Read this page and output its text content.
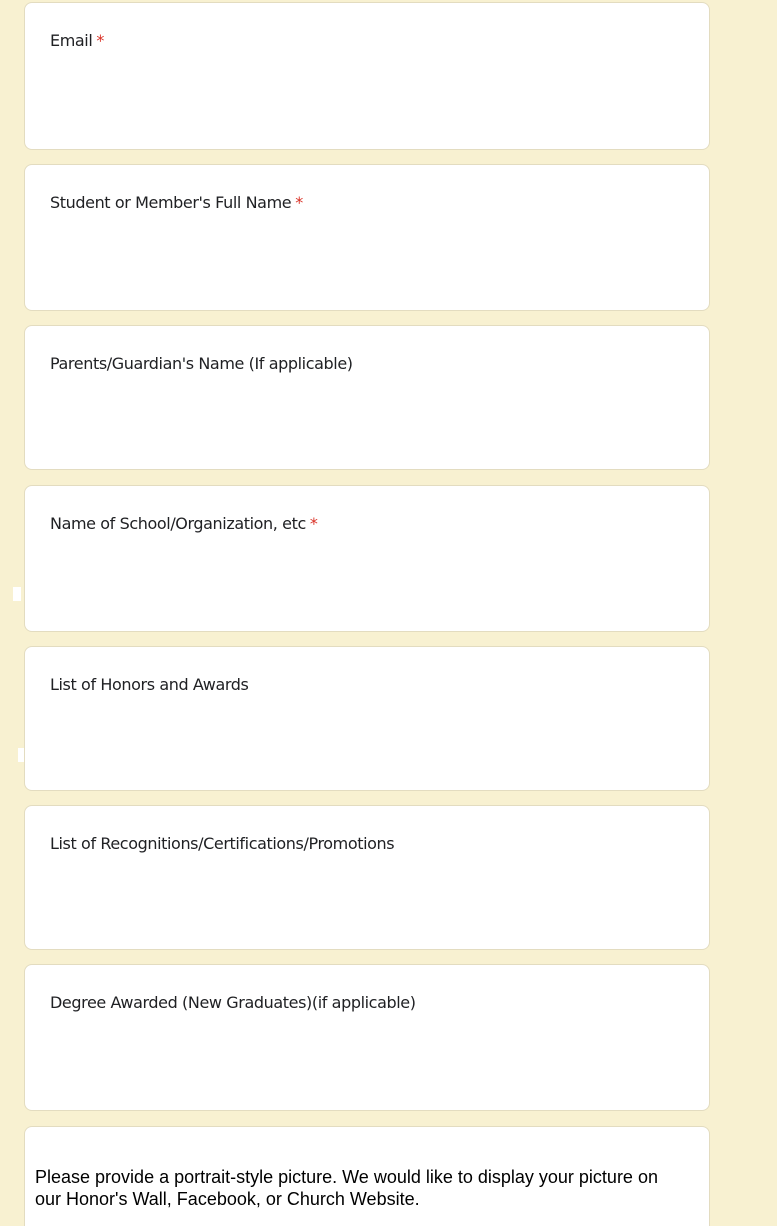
Email *
Student or Member's Full Name *
Parents/Guardian's Name (If applicable)
Name of School/Organization, etc *
List of Honors and Awards
List of Recognitions/Certifications/Promotions
Degree Awarded (New Graduates)(if applicable)
Please provide a portrait-style picture. We would like to display your picture on our Honor's Wall, Facebook, or Church Website.
